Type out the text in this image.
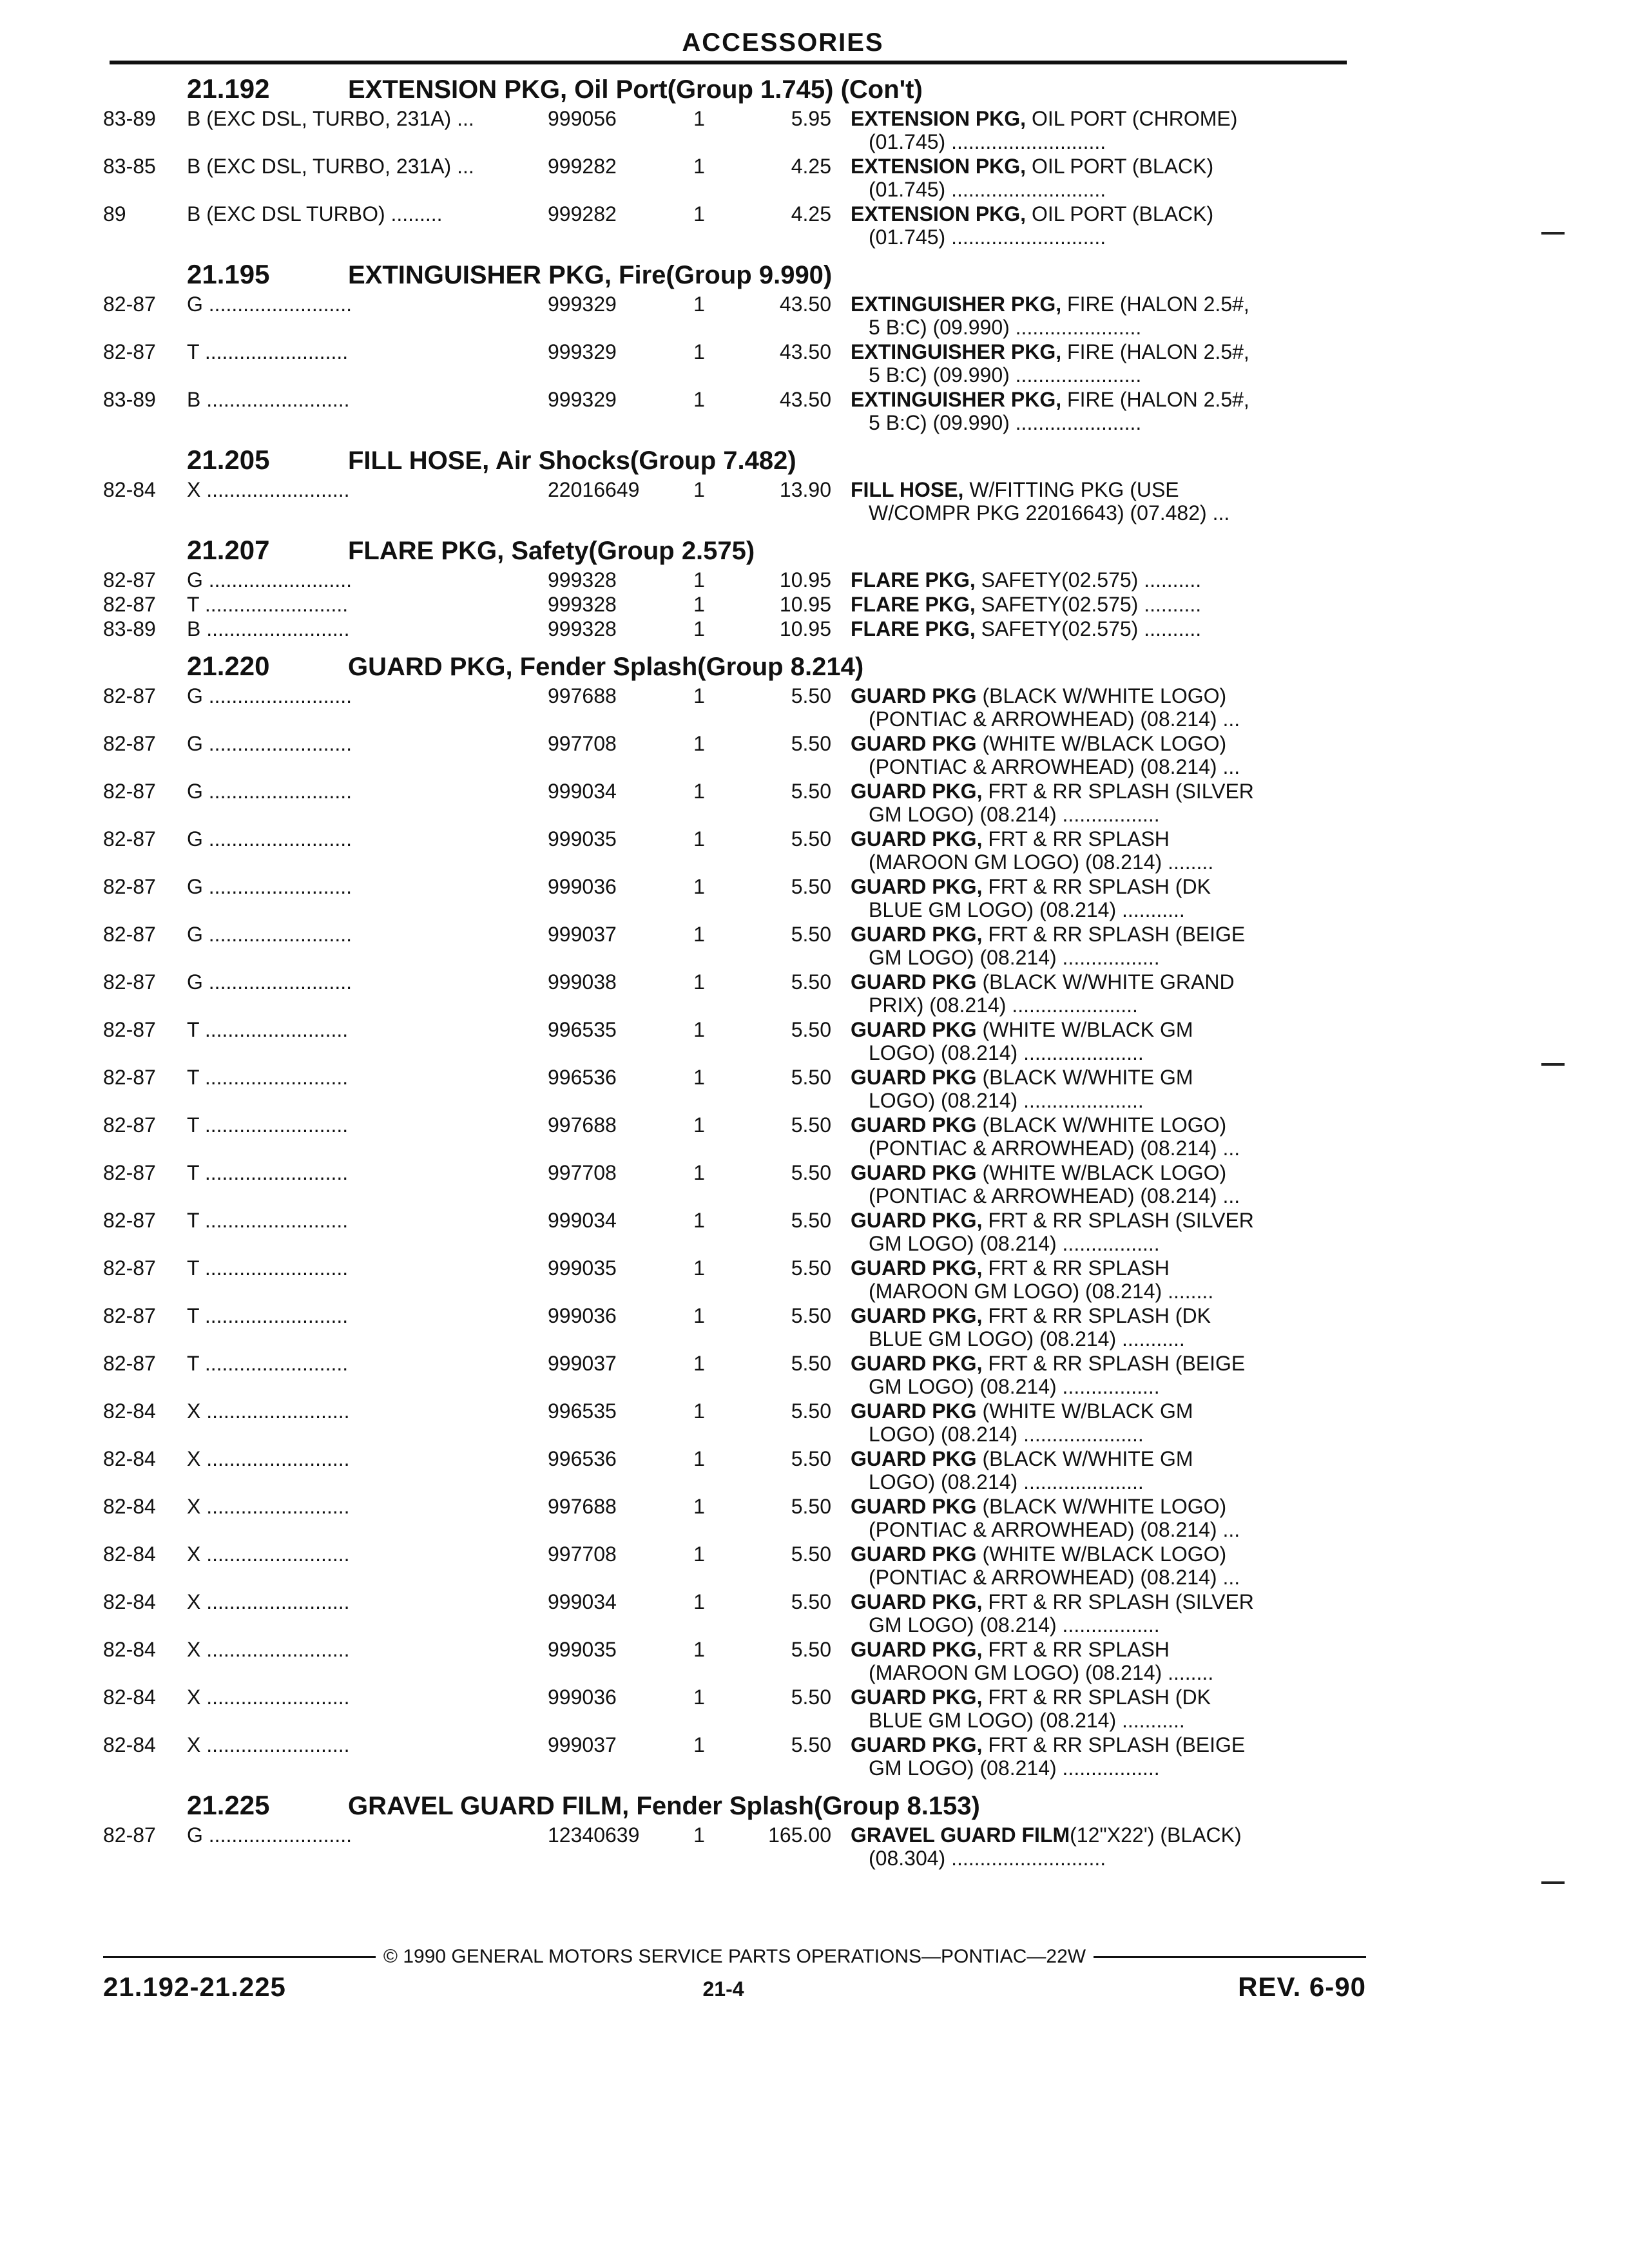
ACCESSORIES
21.192	EXTENSION PKG, Oil Port(Group 1.745) (Con't)
83-89	B (EXC DSL, TURBO, 231A) ...	999056	1	5.95 EXTENSION PKG, OIL PORT (CHROME)
(01.745) ...........................
83-85	B (EXC DSL, TURBO, 231A) ...	999282	1	4.25 EXTENSION PKG, OIL PORT (BLACK)
(01.745) ...........................
89	B (EXC DSL TURBO) .........	999282	1	4.25 EXTENSION PKG, OIL PORT (BLACK)
(01.745) ...........................
21.195	EXTINGUISHER PKG, Fire(Group 9.990)
82-87	G .........................	999329	1	43.50 EXTINGUISHER PKG, FIRE (HALON 2.5#,
5 B:C) (09.990) ......................
82-87	T .........................	999329	1	43.50 EXTINGUISHER PKG, FIRE (HALON 2.5#,
5 B:C) (09.990) ......................
83-89	B .........................	999329	1	43.50 EXTINGUISHER PKG, FIRE (HALON 2.5#,
5 B:C) (09.990) ......................
21.205	FILL HOSE, Air Shocks(Group 7.482)
82-84	X .........................	22016649	1	13.90 FILL HOSE, W/FITTING PKG (USE
W/COMPR PKG 22016643) (07.482) ...
21.207	FLARE PKG, Safety(Group 2.575)
82-87	G .........................	999328	1	10.95 FLARE PKG, SAFETY(02.575) ..........
82-87	T .........................	999328	1	10.95 FLARE PKG, SAFETY(02.575) ..........
83-89	B .........................	999328	1	10.95 FLARE PKG, SAFETY(02.575) ..........
21.220	GUARD PKG, Fender Splash(Group 8.214)
82-87	G .........................	997688	1	5.50 GUARD PKG (BLACK W/WHITE LOGO)
(PONTIAC & ARROWHEAD) (08.214) ...
82-87	G .........................	997708	1	5.50 GUARD PKG (WHITE W/BLACK LOGO)
(PONTIAC & ARROWHEAD) (08.214) ...
82-87	G .........................	999034	1	5.50 GUARD PKG, FRT & RR SPLASH (SILVER
GM LOGO) (08.214) .................
82-87	G .........................	999035	1	5.50 GUARD PKG, FRT & RR SPLASH
(MAROON GM LOGO) (08.214) ........
82-87	G .........................	999036	1	5.50 GUARD PKG, FRT & RR SPLASH (DK
BLUE GM LOGO) (08.214) ...........
82-87	G .........................	999037	1	5.50 GUARD PKG, FRT & RR SPLASH (BEIGE
GM LOGO) (08.214) .................
82-87	G .........................	999038	1	5.50 GUARD PKG (BLACK W/WHITE GRAND
PRIX) (08.214) ......................
82-87	T .........................	996535	1	5.50 GUARD PKG (WHITE W/BLACK GM
LOGO) (08.214) .....................
82-87	T .........................	996536	1	5.50 GUARD PKG (BLACK W/WHITE GM
LOGO) (08.214) .....................
82-87	T .........................	997688	1	5.50 GUARD PKG (BLACK W/WHITE LOGO)
(PONTIAC & ARROWHEAD) (08.214) ...
82-87	T .........................	997708	1	5.50 GUARD PKG (WHITE W/BLACK LOGO)
(PONTIAC & ARROWHEAD) (08.214) ...
82-87	T .........................	999034	1	5.50 GUARD PKG, FRT & RR SPLASH (SILVER
GM LOGO) (08.214) .................
82-87	T .........................	999035	1	5.50 GUARD PKG, FRT & RR SPLASH
(MAROON GM LOGO) (08.214) ........
82-87	T .........................	999036	1	5.50 GUARD PKG, FRT & RR SPLASH (DK
BLUE GM LOGO) (08.214) ...........
82-87	T .........................	999037	1	5.50 GUARD PKG, FRT & RR SPLASH (BEIGE
GM LOGO) (08.214) .................
82-84	X .........................	996535	1	5.50 GUARD PKG (WHITE W/BLACK GM
LOGO) (08.214) .....................
82-84	X .........................	996536	1	5.50 GUARD PKG (BLACK W/WHITE GM
LOGO) (08.214) .....................
82-84	X .........................	997688	1	5.50 GUARD PKG (BLACK W/WHITE LOGO)
(PONTIAC & ARROWHEAD) (08.214) ...
82-84	X .........................	997708	1	5.50 GUARD PKG (WHITE W/BLACK LOGO)
(PONTIAC & ARROWHEAD) (08.214) ...
82-84	X .........................	999034	1	5.50 GUARD PKG, FRT & RR SPLASH (SILVER
GM LOGO) (08.214) .................
82-84	X .........................	999035	1	5.50 GUARD PKG, FRT & RR SPLASH
(MAROON GM LOGO) (08.214) ........
82-84	X .........................	999036	1	5.50 GUARD PKG, FRT & RR SPLASH (DK
BLUE GM LOGO) (08.214) ...........
82-84	X .........................	999037	1	5.50 GUARD PKG, FRT & RR SPLASH (BEIGE
GM LOGO) (08.214) .................
21.225	GRAVEL GUARD FILM, Fender Splash(Group 8.153)
82-87	G .........................	12340639	1	165.00 GRAVEL GUARD FILM(12"X22') (BLACK)
(08.304) ...........................
© 1990 GENERAL MOTORS SERVICE PARTS OPERATIONS—PONTIAC—22W
21.192-21.225	21-4	REV. 6-90
